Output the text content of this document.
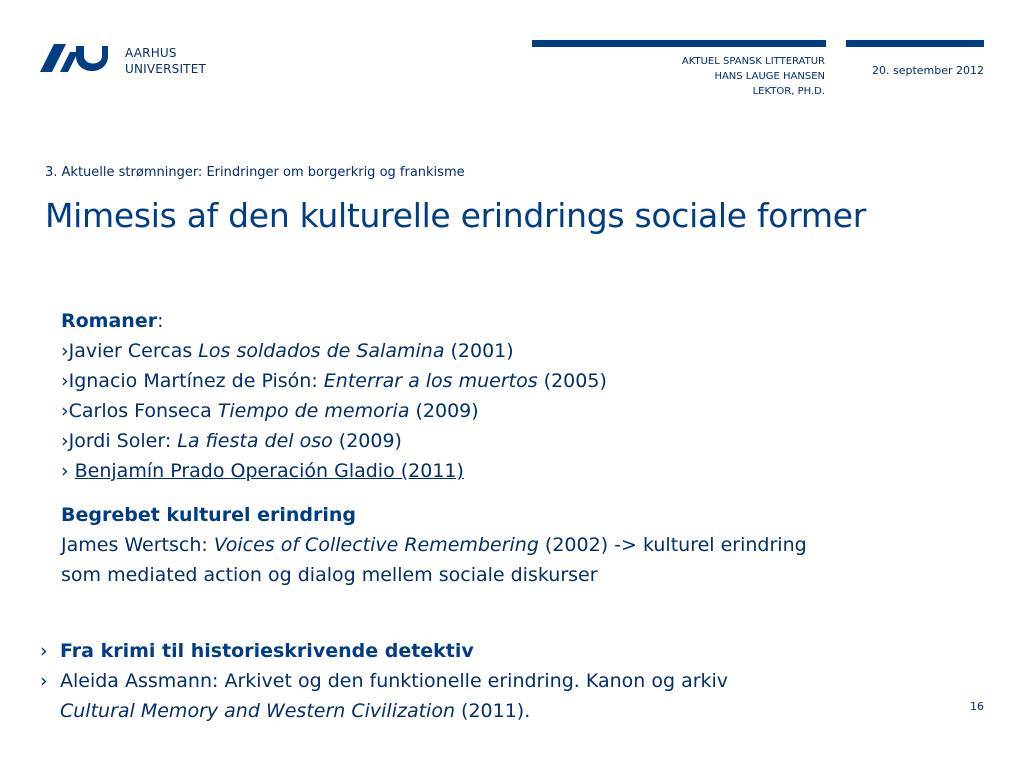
AARHUS
UNIVERSITET
AKTUEL SPANSK LITTERATUR
HANS LAUGE HANSEN
LEKTOR, PH.D.
20. september 2012
3. Aktuelle strømninger: Erindringer om borgerkrig og frankisme
Mimesis af den kulturelle erindrings sociale former

Romaner:

›Javier Cercas Los soldados de Salamina (2001)

›Ignacio Martínez de Pisón: Enterrar a los muertos (2005)

›Carlos Fonseca Tiempo de memoria (2009)

›Jordi Soler: La fiesta del oso (2009)

› Benjamín Prado Operación Gladio (2011)

Begrebet kulturel erindring

James Wertsch: Voices of Collective Remembering (2002) -> kulturel erindring

som mediated action og dialog mellem sociale diskurser

› Fra krimi til historieskrivende detektiv
› Aleida Assmann: Arkivet og den funktionelle erindring. Kanon og arkiv
Cultural Memory and Western Civilization (2011).	16
